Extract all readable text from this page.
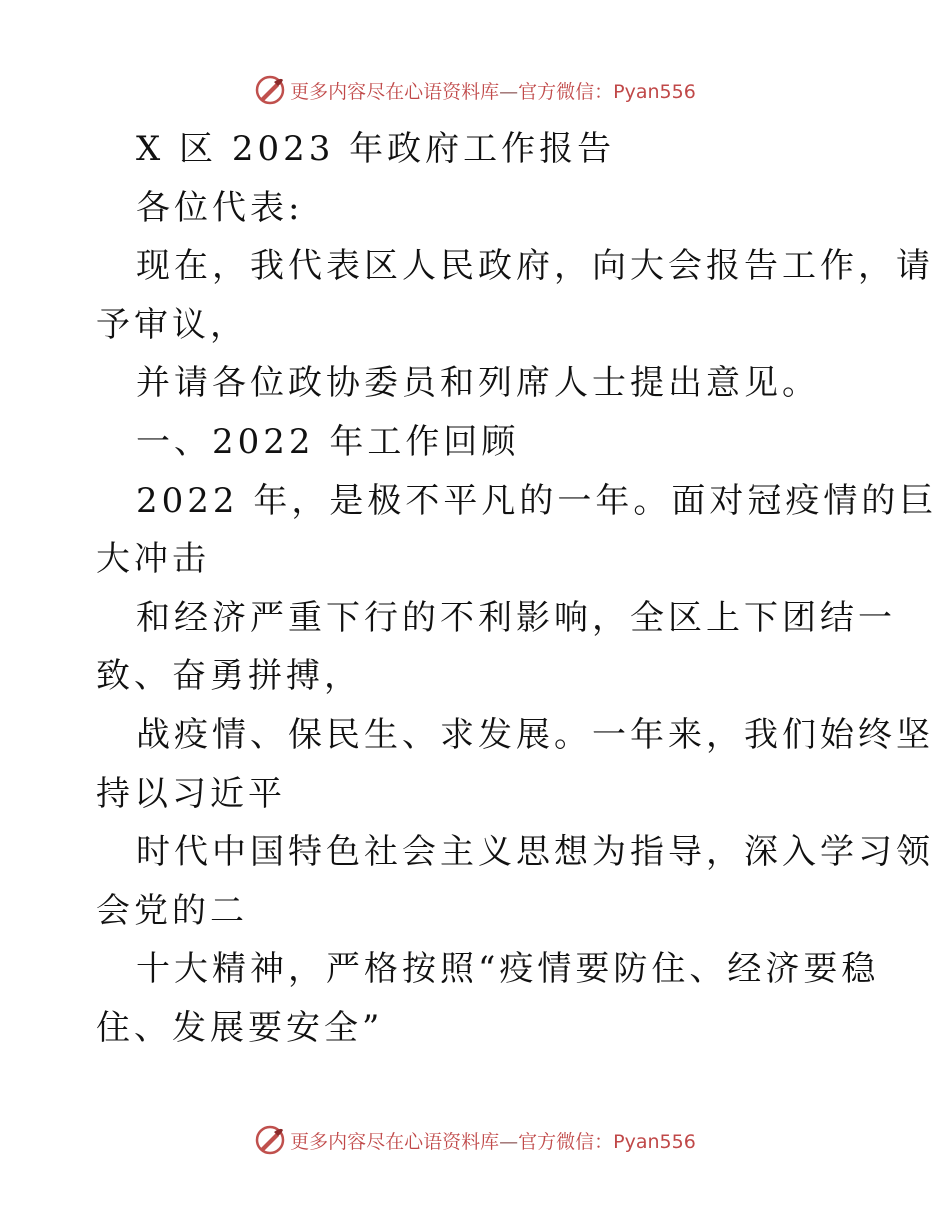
更多内容尽在心语资料库—官方微信：Pyan556
X 区 2023 年政府工作报告
各位代表:
现在，我代表区人民政府，向大会报告工作，请
予审议，
并请各位政协委员和列席人士提出意见。
一、2022 年工作回顾
2022 年，是极不平凡的一年。面对冠疫情的巨
大冲击
和经济严重下行的不利影响，全区上下团结一
致、奋勇拼搏，
战疫情、保民生、求发展。一年来，我们始终坚
持以习近平
时代中国特色社会主义思想为指导，深入学习领
会党的二
十大精神，严格按照“疫情要防住、经济要稳
住、发展要安全”
更多内容尽在心语资料库—官方微信：Pyan556
